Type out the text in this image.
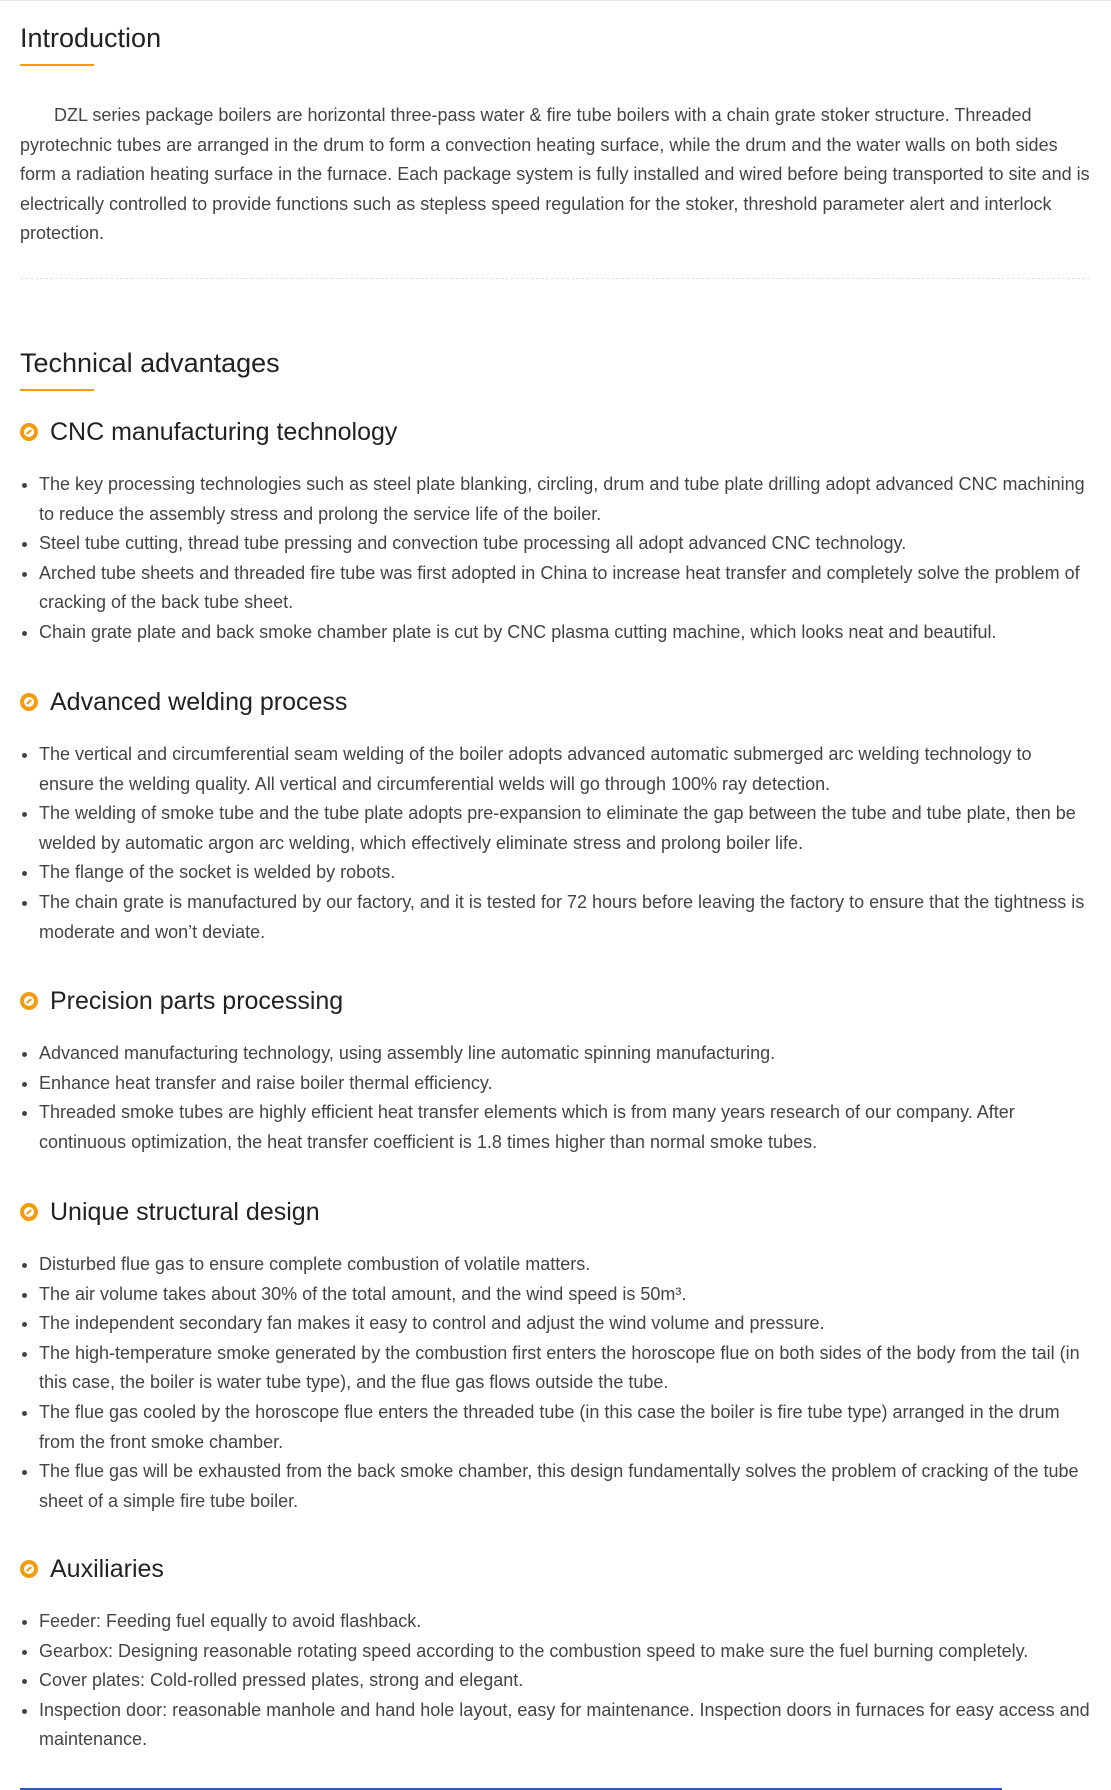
Introduction

DZL series package boilers are horizontal three-pass water & fire tube boilers with a chain grate stoker structure. Threaded pyrotechnic tubes are arranged in the drum to form a convection heating surface, while the drum and the water walls on both sides form a radiation heating surface in the furnace. Each package system is fully installed and wired before being transported to site and is electrically controlled to provide functions such as stepless speed regulation for the stoker, threshold parameter alert and interlock protection.

Technical advantages
CNC manufacturing technology
The key processing technologies such as steel plate blanking, circling, drum and tube plate drilling adopt advanced CNC machining to reduce the assembly stress and prolong the service life of the boiler.
Steel tube cutting, thread tube pressing and convection tube processing all adopt advanced CNC technology.
Arched tube sheets and threaded fire tube was first adopted in China to increase heat transfer and completely solve the problem of cracking of the back tube sheet.
Chain grate plate and back smoke chamber plate is cut by CNC plasma cutting machine, which looks neat and beautiful.
Advanced welding process
The vertical and circumferential seam welding of the boiler adopts advanced automatic submerged arc welding technology to ensure the welding quality. All vertical and circumferential welds will go through 100% ray detection.
The welding of smoke tube and the tube plate adopts pre-expansion to eliminate the gap between the tube and tube plate, then be welded by automatic argon arc welding, which effectively eliminate stress and prolong boiler life.
The flange of the socket is welded by robots.
The chain grate is manufactured by our factory, and it is tested for 72 hours before leaving the factory to ensure that the tightness is moderate and won’t deviate.
Precision parts processing
Advanced manufacturing technology, using assembly line automatic spinning manufacturing.
Enhance heat transfer and raise boiler thermal efficiency.
Threaded smoke tubes are highly efficient heat transfer elements which is from many years research of our company. After continuous optimization, the heat transfer coefficient is 1.8 times higher than normal smoke tubes.
Unique structural design
Disturbed flue gas to ensure complete combustion of volatile matters.
The air volume takes about 30% of the total amount, and the wind speed is 50m³.
The independent secondary fan makes it easy to control and adjust the wind volume and pressure.
The high-temperature smoke generated by the combustion first enters the horoscope flue on both sides of the body from the tail (in this case, the boiler is water tube type), and the flue gas flows outside the tube.
The flue gas cooled by the horoscope flue enters the threaded tube (in this case the boiler is fire tube type) arranged in the drum from the front smoke chamber.
The flue gas will be exhausted from the back smoke chamber, this design fundamentally solves the problem of cracking of the tube sheet of a simple fire tube boiler.
Auxiliaries
Feeder: Feeding fuel equally to avoid flashback.
Gearbox: Designing reasonable rotating speed according to the combustion speed to make sure the fuel burning completely.
Cover plates: Cold-rolled pressed plates, strong and elegant.
Inspection door: reasonable manhole and hand hole layout, easy for maintenance. Inspection doors in furnaces for easy access and maintenance.
